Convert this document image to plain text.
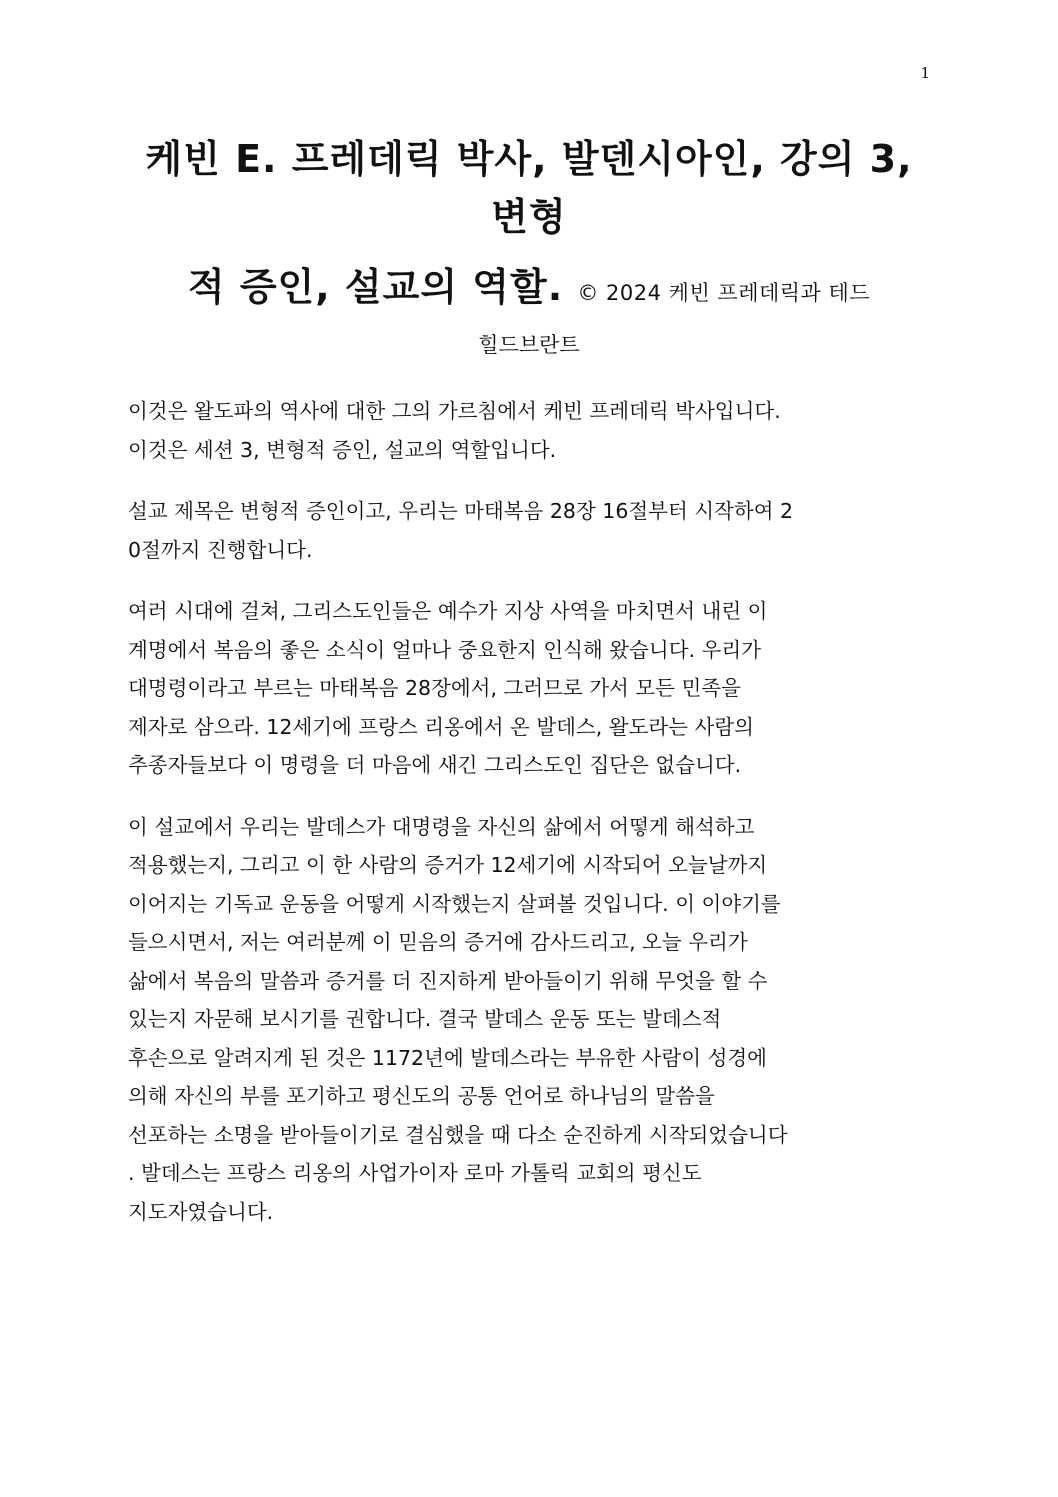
1
케빈 E. 프레데릭 박사, 발덴시아인, 강의 3,
변형
적 증인, 설교의 역할. © 2024 케빈 프레데릭과 테드
힐드브란트
이것은 왈도파의 역사에 대한 그의 가르침에서 케빈 프레데릭 박사입니다.
이것은 세션 3, 변형적 증인, 설교의 역할입니다.
설교 제목은 변형적 증인이고, 우리는 마태복음 28장 16절부터 시작하여 2
0절까지 진행합니다.
여러 시대에 걸쳐, 그리스도인들은 예수가 지상 사역을 마치면서 내린 이
계명에서 복음의 좋은 소식이 얼마나 중요한지 인식해 왔습니다. 우리가
대명령이라고 부르는 마태복음 28장에서, 그러므로 가서 모든 민족을
제자로 삼으라. 12세기에 프랑스 리옹에서 온 발데스, 왈도라는 사람의
추종자들보다 이 명령을 더 마음에 새긴 그리스도인 집단은 없습니다.
이 설교에서 우리는 발데스가 대명령을 자신의 삶에서 어떻게 해석하고
적용했는지, 그리고 이 한 사람의 증거가 12세기에 시작되어 오늘날까지
이어지는 기독교 운동을 어떻게 시작했는지 살펴볼 것입니다. 이 이야기를
들으시면서, 저는 여러분께 이 믿음의 증거에 감사드리고, 오늘 우리가
삶에서 복음의 말씀과 증거를 더 진지하게 받아들이기 위해 무엇을 할 수
있는지 자문해 보시기를 권합니다. 결국 발데스 운동 또는 발데스적
후손으로 알려지게 된 것은 1172년에 발데스라는 부유한 사람이 성경에
의해 자신의 부를 포기하고 평신도의 공통 언어로 하나님의 말씀을
선포하는 소명을 받아들이기로 결심했을 때 다소 순진하게 시작되었습니다
. 발데스는 프랑스 리옹의 사업가이자 로마 가톨릭 교회의 평신도
지도자였습니다.
